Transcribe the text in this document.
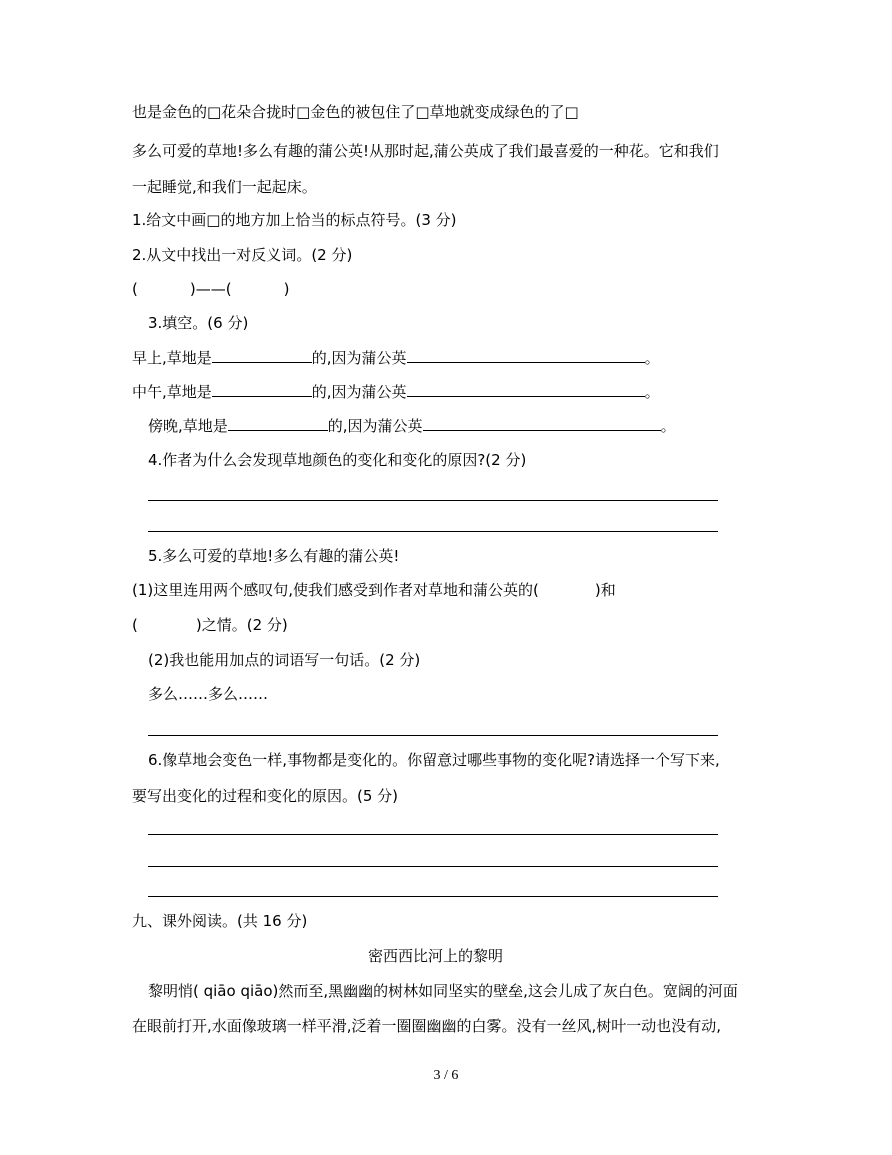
也是金色的□花朵合拢时□金色的被包住了□草地就变成绿色的了□
多么可爱的草地!多么有趣的蒲公英!从那时起,蒲公英成了我们最喜爱的一种花。它和我们
一起睡觉,和我们一起起床。
1.给文中画□的地方加上恰当的标点符号。(3 分)
2.从文中找出一对反义词。(2 分)
(	)——(	)
3.填空。(6 分)
早上,草地是	的,因为蒲公英	。
中午,草地是	的,因为蒲公英	。
傍晚,草地是	的,因为蒲公英	。
4.作者为什么会发现草地颜色的变化和变化的原因?(2 分)
5.多么可爱的草地!多么有趣的蒲公英!
(1)这里连用两个感叹句,使我们感受到作者对草地和蒲公英的(	)和
(	)之情。(2 分)
(2)我也能用加点的词语写一句话。(2 分)
多么……多么……
6.像草地会变色一样,事物都是变化的。你留意过哪些事物的变化呢?请选择一个写下来,
要写出变化的过程和变化的原因。(5 分)
九、课外阅读。(共 16 分)
密西西比河上的黎明
黎明悄( qiāo qiāo)然而至,黑幽幽的树林如同坚实的壁垒,这会儿成了灰白色。宽阔的河面
在眼前打开,水面像玻璃一样平滑,泛着一圈圈幽幽的白雾。没有一丝风,树叶一动也没有动,
3 / 6
